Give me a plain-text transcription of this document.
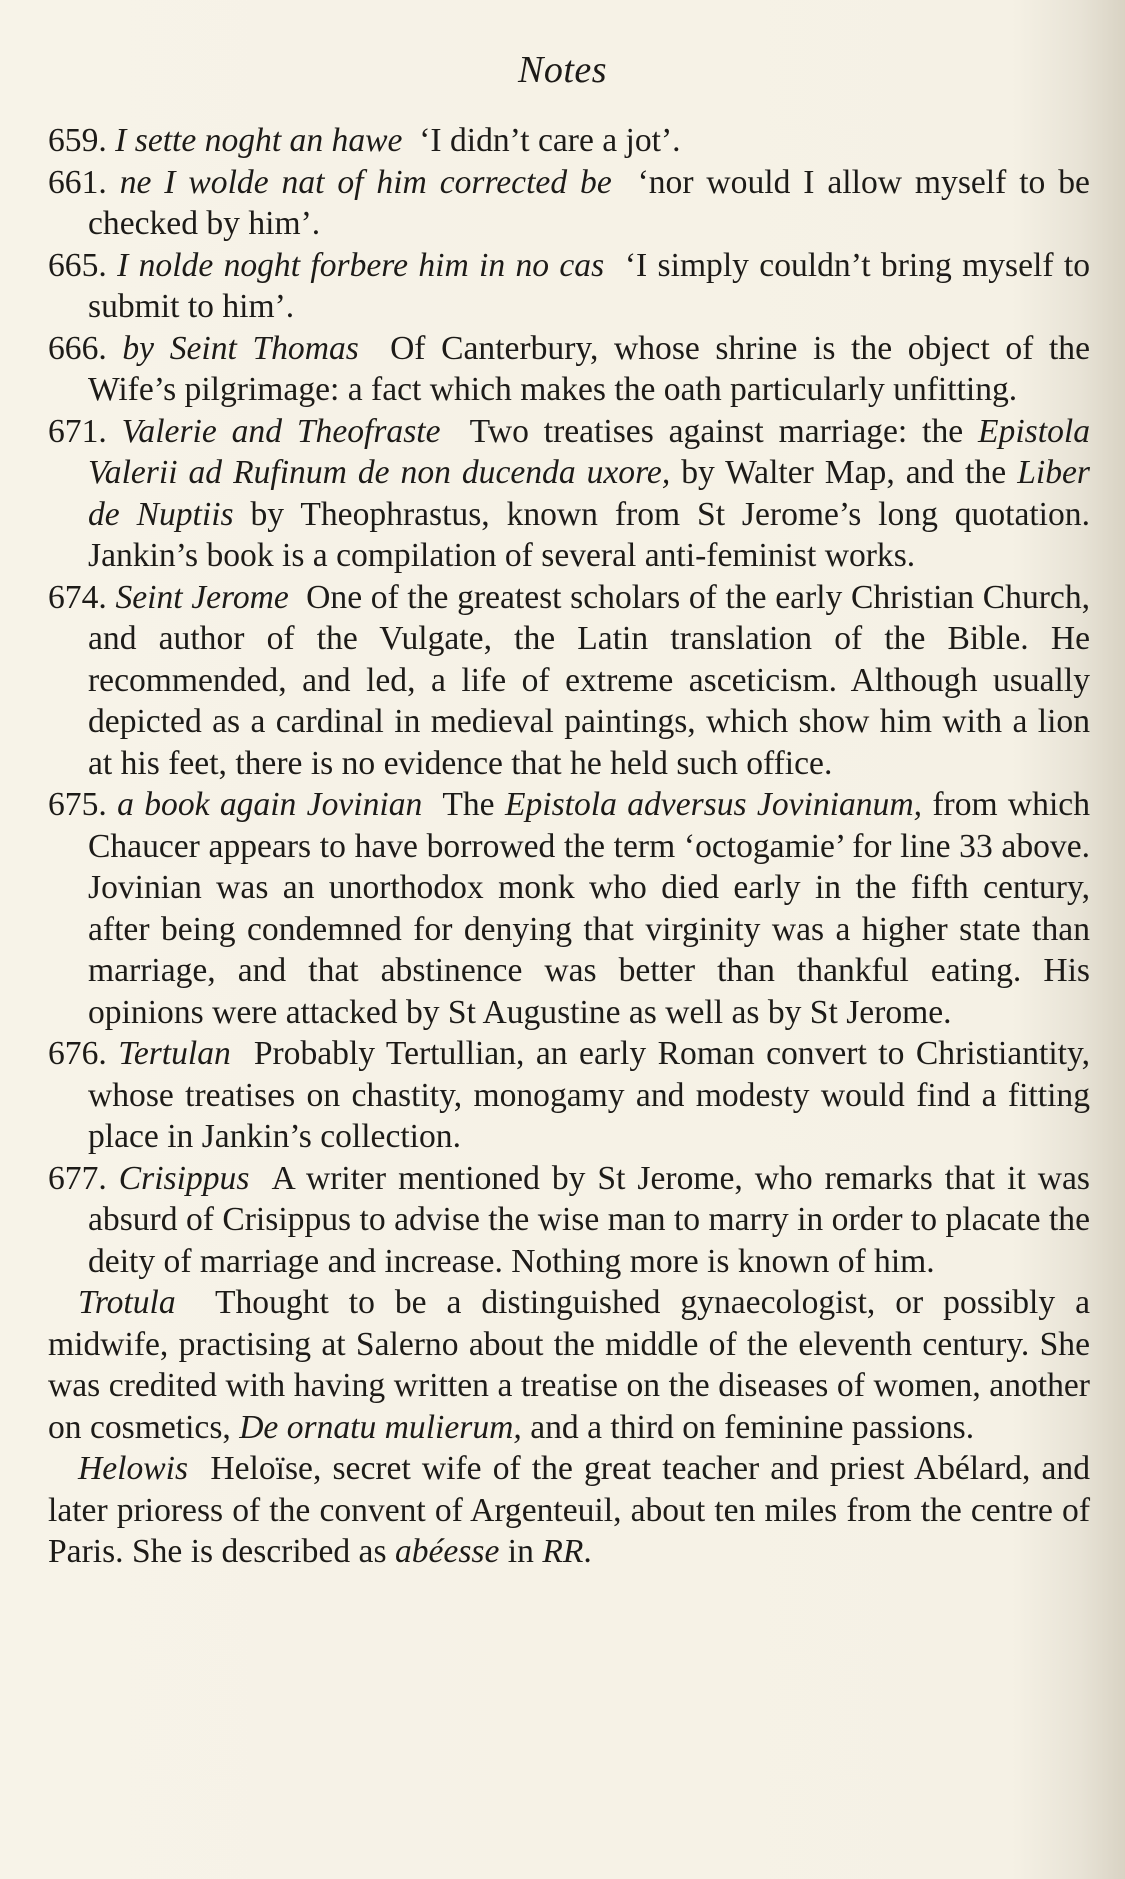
Notes

659. I sette noght an hawe ‘I didn’t care a jot’.

661. ne I wolde nat of him corrected be ‘nor would I allow myself to be checked by him’.

665. I nolde noght forbere him in no cas ‘I simply couldn’t bring myself to submit to him’.

666. by Seint Thomas Of Canterbury, whose shrine is the object of the Wife’s pilgrimage: a fact which makes the oath particularly unfitting.

671. Valerie and Theofraste Two treatises against marriage: the Epistola Valerii ad Rufinum de non ducenda uxore, by Walter Map, and the Liber de Nuptiis by Theophrastus, known from St Jerome’s long quotation. Jankin’s book is a compilation of several anti-feminist works.

674. Seint Jerome One of the greatest scholars of the early Christian Church, and author of the Vulgate, the Latin translation of the Bible. He recommended, and led, a life of extreme asceticism. Although usually depicted as a cardinal in medieval paintings, which show him with a lion at his feet, there is no evidence that he held such office.

675. a book again Jovinian The Epistola adversus Jovinianum, from which Chaucer appears to have borrowed the term ‘octogamie’ for line 33 above. Jovinian was an unorthodox monk who died early in the fifth century, after being condemned for denying that virginity was a higher state than marriage, and that abstinence was better than thankful eating. His opinions were attacked by St Augustine as well as by St Jerome.

676. Tertulan Probably Tertullian, an early Roman convert to Christiantity, whose treatises on chastity, monogamy and modesty would find a fitting place in Jankin’s collection.

677. Crisippus A writer mentioned by St Jerome, who remarks that it was absurd of Crisippus to advise the wise man to marry in order to placate the deity of marriage and increase. Nothing more is known of him.

Trotula Thought to be a distinguished gynaecologist, or possibly a midwife, practising at Salerno about the middle of the eleventh century. She was credited with having written a treatise on the diseases of women, another on cosmetics, De ornatu mulierum, and a third on feminine passions.

Helowis Heloïse, secret wife of the great teacher and priest Abélard, and later prioress of the convent of Argenteuil, about ten miles from the centre of Paris. She is described as abéesse in RR.
